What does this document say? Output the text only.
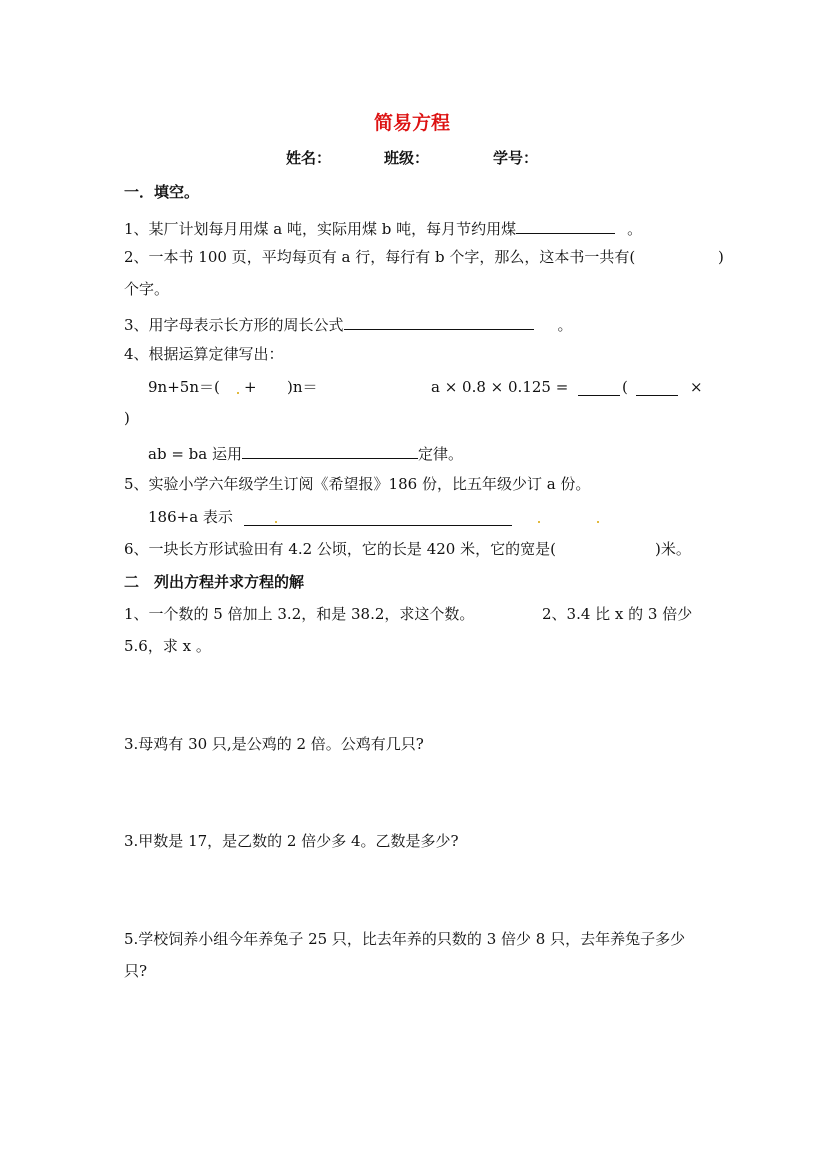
简易方程
姓名：	班级：	学号：
一．填空。
1、某厂计划每月用煤 a 吨，实际用煤 b 吨，每月节约用煤	。
2、一本书 100 页，平均每页有 a 行，每行有 b 个字，那么，这本书一共有(	)
个字。
3、用字母表示长方形的周长公式	。
4、根据运算定律写出：
9n+5n＝( + )n＝	a × 0.8 × 0.125 =	(	×
)
ab = ba 运用	定律。
5、实验小学六年级学生订阅《希望报》186 份，比五年级少订 a 份。
186+a 表示
6、一块长方形试验田有 4.2 公顷，它的长是 420 米，它的宽是(	)米。
二　列出方程并求方程的解
1、一个数的 5 倍加上 3.2，和是 38.2，求这个数。	2、3.4 比 x 的 3 倍少
5.6，求 x 。
3.母鸡有 30 只,是公鸡的 2 倍。公鸡有几只?
3.甲数是 17，是乙数的 2 倍少多 4。乙数是多少?
5.学校饲养小组今年养兔子 25 只，比去年养的只数的 3 倍少 8 只，去年养兔子多少
只?
